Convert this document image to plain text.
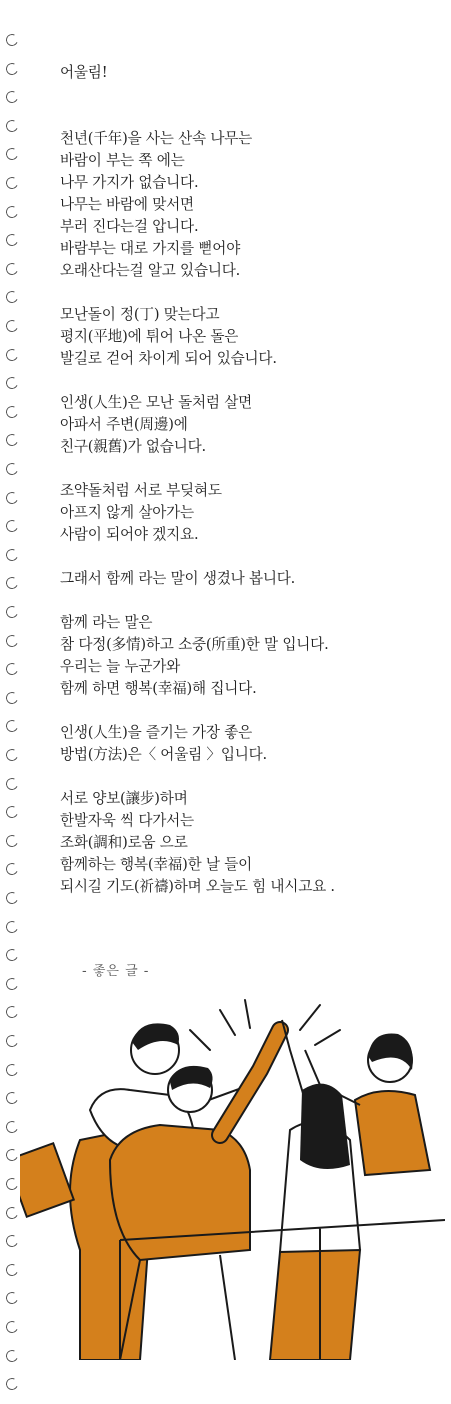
어울림!
천년(千年)을 사는 산속 나무는
바람이 부는 쪽 에는
나무 가지가 없습니다.
나무는 바람에 맞서면
부러 진다는걸 압니다.
바람부는 대로 가지를 뻗어야
오래산다는걸 알고 있습니다.
모난돌이 정(丁) 맞는다고
평지(平地)에 튀어 나온 돌은
발길로 걷어 차이게 되어 있습니다.
인생(人生)은 모난 돌처럼 살면
아파서 주변(周邊)에
친구(親舊)가 없습니다.
조약돌처럼 서로 부딪혀도
아프지 않게 살아가는
사람이 되어야 겠지요.
그래서 함께 라는 말이 생겼나 봅니다.
함께 라는 말은
참 다정(多情)하고 소중(所重)한 말 입니다.
우리는 늘 누군가와
함께 하면 행복(幸福)해 집니다.
인생(人生)을 즐기는 가장 좋은
방법(方法)은〈 어울림 〉입니다.
서로 양보(讓步)하며
한발자욱 씩 다가서는
조화(調和)로움 으로
함께하는 행복(幸福)한 날 들이
되시길 기도(祈禱)하며 오늘도 힘 내시고요 .
- 좋은 글 -
